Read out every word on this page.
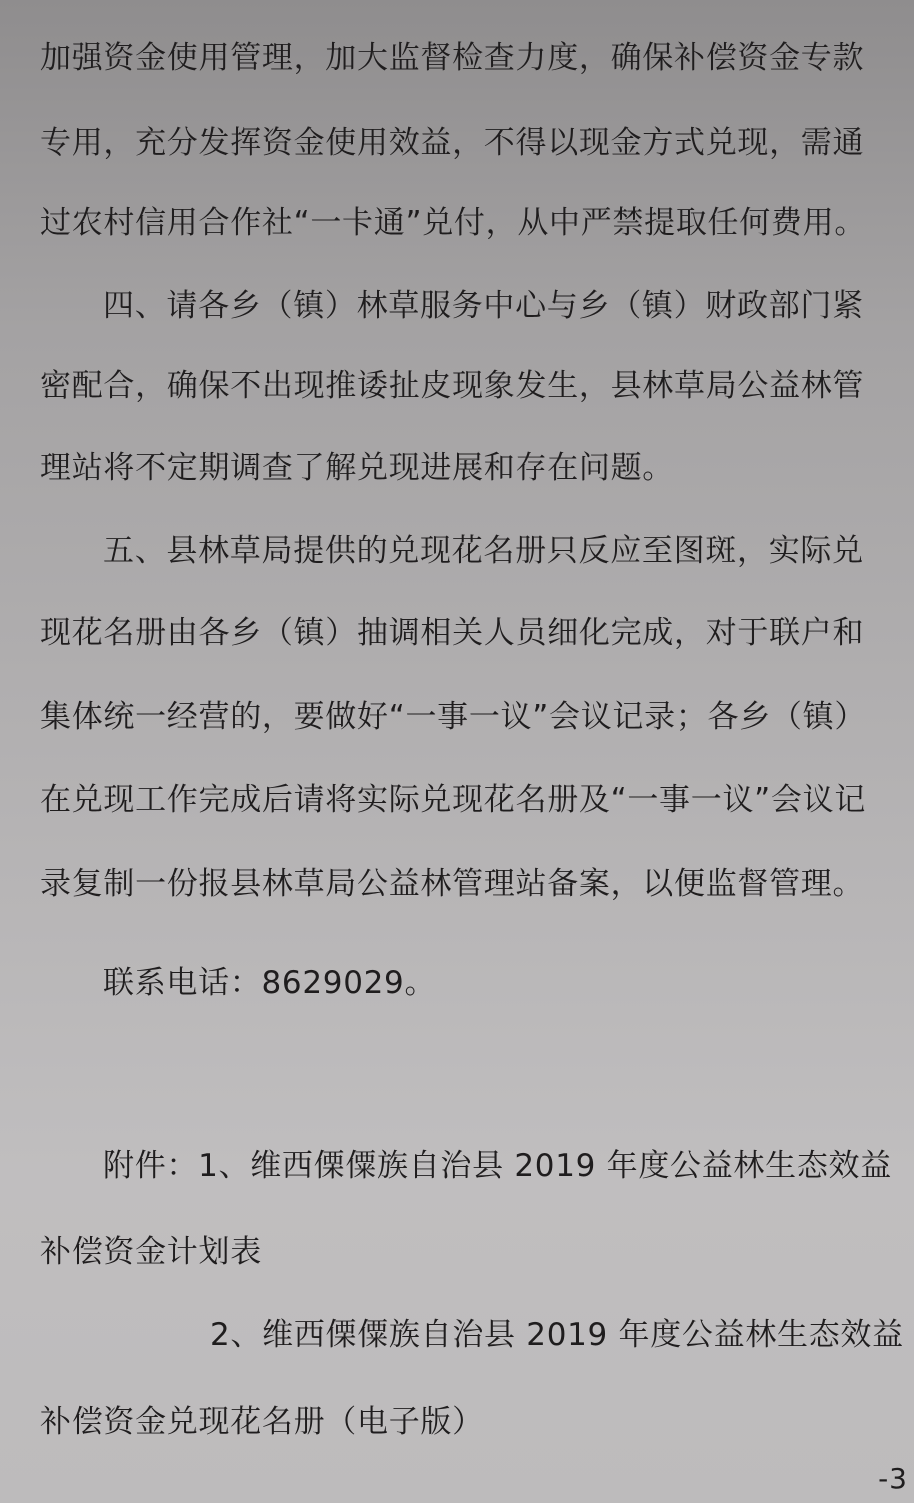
加强资金使用管理，加大监督检查力度，确保补偿资金专款
专用，充分发挥资金使用效益，不得以现金方式兑现，需通
过农村信用合作社“一卡通”兑付，从中严禁提取任何费用。
四、请各乡（镇）林草服务中心与乡（镇）财政部门紧
密配合，确保不出现推诿扯皮现象发生，县林草局公益林管
理站将不定期调查了解兑现进展和存在问题。
五、县林草局提供的兑现花名册只反应至图斑，实际兑
现花名册由各乡（镇）抽调相关人员细化完成，对于联户和
集体统一经营的，要做好“一事一议”会议记录；各乡（镇）
在兑现工作完成后请将实际兑现花名册及“一事一议”会议记
录复制一份报县林草局公益林管理站备案，以便监督管理。
联系电话：8629029。
附件：1、维西傈僳族自治县 2019 年度公益林生态效益
补偿资金计划表
2、维西傈僳族自治县 2019 年度公益林生态效益
补偿资金兑现花名册（电子版）
-3
